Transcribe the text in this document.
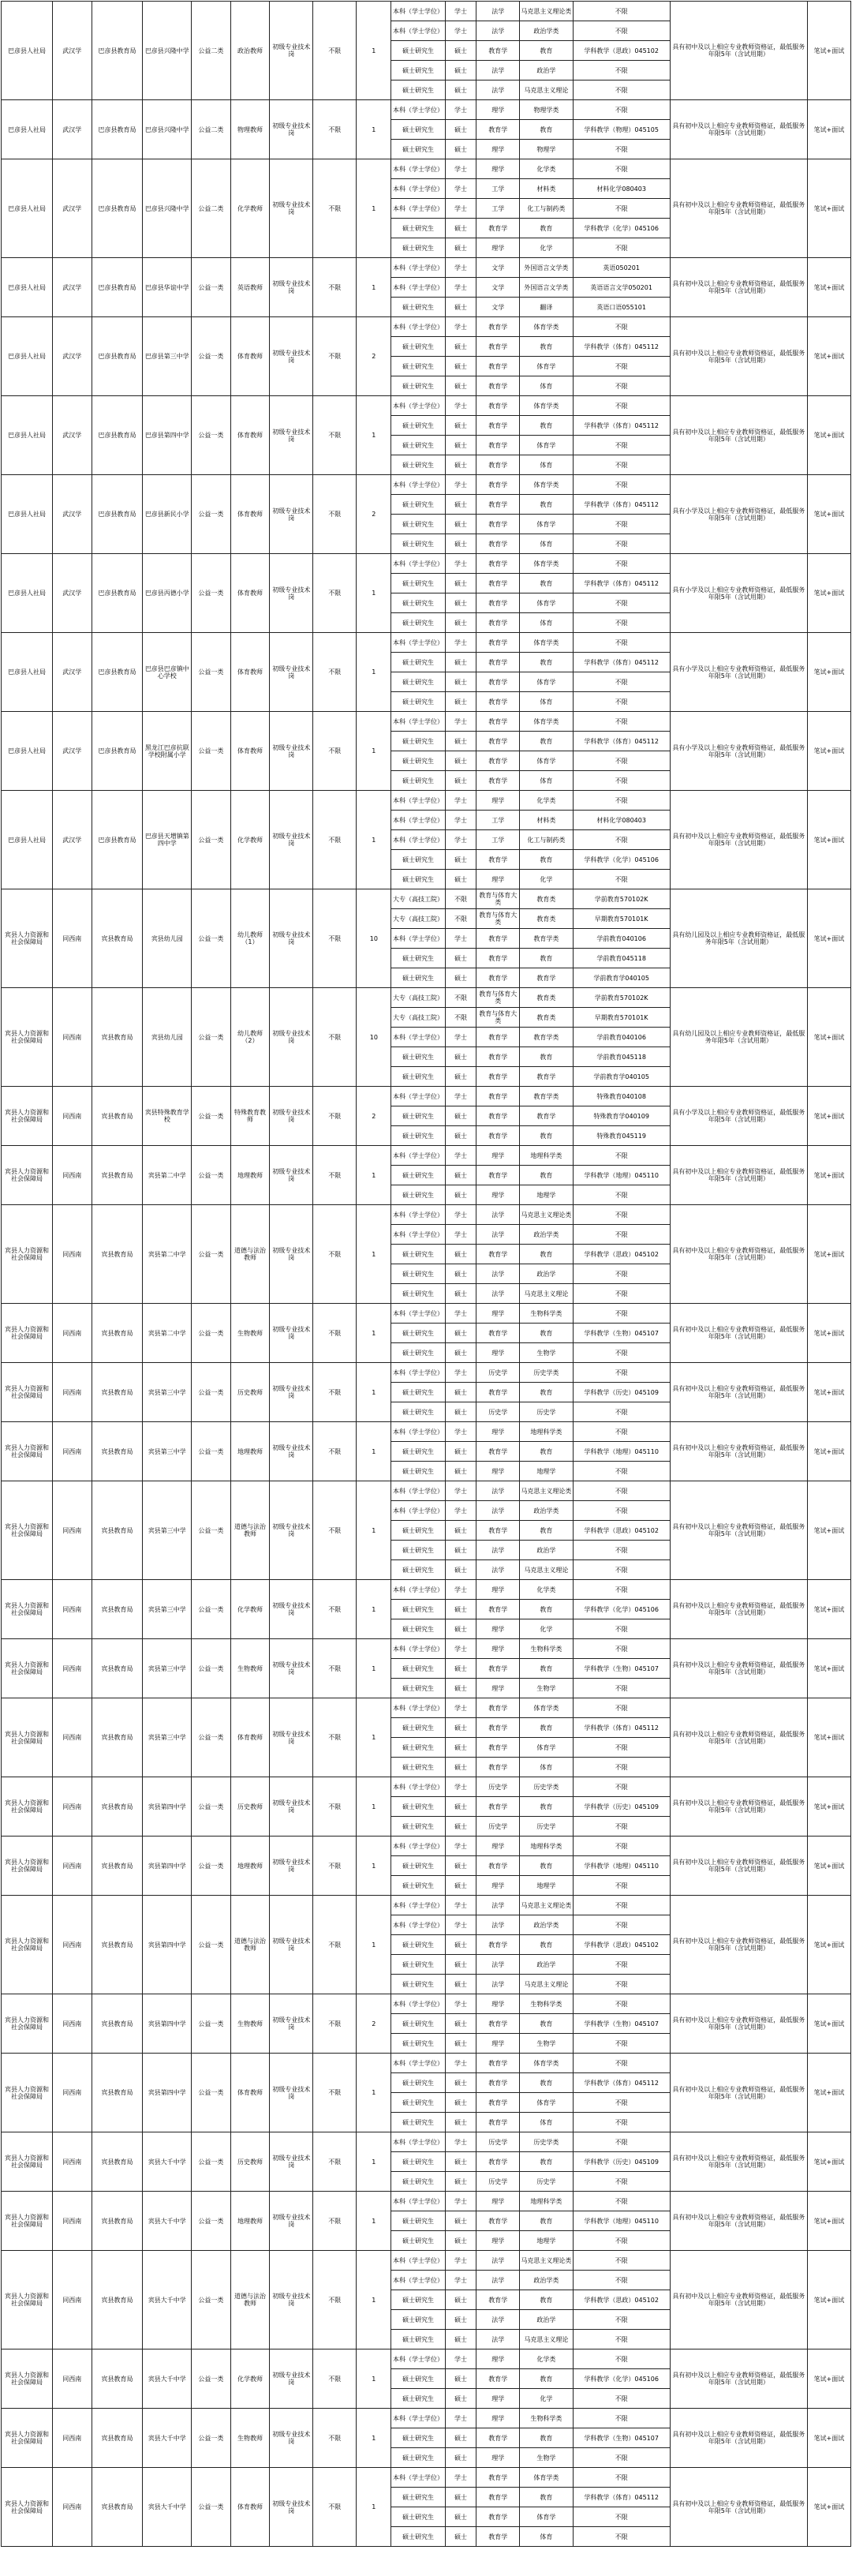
巴彦县人社局	武汉学	巴彦县教育局	巴彦县兴隆中学	公益二类	政治教师	初级专业技术岗	不限	1	本科（学士学位）	学士	法学	马克思主义理论类	不限	具有初中及以上相应专业教师资格证，最低服务年限5年（含试用期）	笔试+面试
									本科（学士学位）	学士	法学	政治学类	不限		
									硕士研究生	硕士	教育学	教育	学科教学（思政）045102		
									硕士研究生	硕士	法学	政治学	不限		
									硕士研究生	硕士	法学	马克思主义理论	不限		
巴彦县人社局	武汉学	巴彦县教育局	巴彦县兴隆中学	公益二类	物理教师	初级专业技术岗	不限	1	本科（学士学位）	学士	理学	物理学类	不限	具有初中及以上相应专业教师资格证，最低服务年限5年（含试用期）	笔试+面试
									硕士研究生	硕士	教育学	教育	学科教学（物理）045105		
									硕士研究生	硕士	理学	物理学	不限		
巴彦县人社局	武汉学	巴彦县教育局	巴彦县兴隆中学	公益二类	化学教师	初级专业技术岗	不限	1	本科（学士学位）	学士	理学	化学类	不限	具有初中及以上相应专业教师资格证，最低服务年限5年（含试用期）	笔试+面试
									本科（学士学位）	学士	工学	材料类	材料化学080403		
									本科（学士学位）	学士	工学	化工与制药类	不限		
									硕士研究生	硕士	教育学	教育	学科教学（化学）045106		
									硕士研究生	硕士	理学	化学	不限		
巴彦县人社局	武汉学	巴彦县教育局	巴彦县华谊中学	公益一类	英语教师	初级专业技术岗	不限	1	本科（学士学位）	学士	文学	外国语言文学类	英语050201	具有初中及以上相应专业教师资格证，最低服务年限5年（含试用期）	笔试+面试
									本科（学士学位）	学士	文学	外国语言文学类	英语语言文学050201		
									硕士研究生	硕士	文学	翻译	英语口语055101		
巴彦县人社局	武汉学	巴彦县教育局	巴彦县第三中学	公益一类	体育教师	初级专业技术岗	不限	2	本科（学士学位）	学士	教育学	体育学类	不限	具有初中及以上相应专业教师资格证，最低服务年限5年（含试用期）	笔试+面试
									硕士研究生	硕士	教育学	教育	学科教学（体育）045112		
									硕士研究生	硕士	教育学	体育学	不限		
									硕士研究生	硕士	教育学	体育	不限		
巴彦县人社局	武汉学	巴彦县教育局	巴彦县第四中学	公益一类	体育教师	初级专业技术岗	不限	1	本科（学士学位）	学士	教育学	体育学类	不限	具有初中及以上相应专业教师资格证，最低服务年限5年（含试用期）	笔试+面试
									硕士研究生	硕士	教育学	教育	学科教学（体育）045112		
									硕士研究生	硕士	教育学	体育学	不限		
									硕士研究生	硕士	教育学	体育	不限		
巴彦县人社局	武汉学	巴彦县教育局	巴彦县新民小学	公益一类	体育教师	初级专业技术岗	不限	2	本科（学士学位）	学士	教育学	体育学类	不限	具有小学及以上相应专业教师资格证，最低服务年限5年（含试用期）	笔试+面试
									硕士研究生	硕士	教育学	教育	学科教学（体育）045112		
									硕士研究生	硕士	教育学	体育学	不限		
									硕士研究生	硕士	教育学	体育	不限		
巴彦县人社局	武汉学	巴彦县教育局	巴彦县丙德小学	公益一类	体育教师	初级专业技术岗	不限	1	本科（学士学位）	学士	教育学	体育学类	不限	具有小学及以上相应专业教师资格证，最低服务年限5年（含试用期）	笔试+面试
									硕士研究生	硕士	教育学	教育	学科教学（体育）045112		
									硕士研究生	硕士	教育学	体育学	不限		
									硕士研究生	硕士	教育学	体育	不限		
巴彦县人社局	武汉学	巴彦县教育局	巴彦县巴彦镇中心学校	公益一类	体育教师	初级专业技术岗	不限	1	本科（学士学位）	学士	教育学	体育学类	不限	具有小学及以上相应专业教师资格证，最低服务年限5年（含试用期）	笔试+面试
									硕士研究生	硕士	教育学	教育	学科教学（体育）045112		
									硕士研究生	硕士	教育学	体育学	不限		
									硕士研究生	硕士	教育学	体育	不限		
巴彦县人社局	武汉学	巴彦县教育局	黑龙江巴彦抗联学校附属小学	公益一类	体育教师	初级专业技术岗	不限	1	本科（学士学位）	学士	教育学	体育学类	不限	具有小学及以上相应专业教师资格证，最低服务年限5年（含试用期）	笔试+面试
									硕士研究生	硕士	教育学	教育	学科教学（体育）045112		
									硕士研究生	硕士	教育学	体育学	不限		
									硕士研究生	硕士	教育学	体育	不限		
巴彦县人社局	武汉学	巴彦县教育局	巴彦县天增镇第四中学	公益一类	化学教师	初级专业技术岗	不限	1	本科（学士学位）	学士	理学	化学类	不限	具有初中及以上相应专业教师资格证，最低服务年限5年（含试用期）	笔试+面试
									本科（学士学位）	学士	工学	材料类	材料化学080403		
									本科（学士学位）	学士	工学	化工与制药类	不限		
									硕士研究生	硕士	教育学	教育	学科教学（化学）045106		
									硕士研究生	硕士	理学	化学	不限		
宾县人力资源和社会保障局	同西南	宾县教育局	宾县幼儿园	公益一类	幼儿教师（1）	初级专业技术岗	不限	10	大专（高技工院）	不限	教育与体育大类	教育类	学前教育570102K	具有幼儿园及以上相应专业教师资格证，最低服务年限5年（含试用期）	笔试+面试
									大专（高技工院）	不限	教育与体育大类	教育类	早期教育570101K		
									本科（学士学位）	学士	教育学	教育学类	学前教育040106		
									硕士研究生	硕士	教育学	教育	学前教育045118		
									硕士研究生	硕士	教育学	教育学	学前教育学040105		
宾县人力资源和社会保障局	同西南	宾县教育局	宾县幼儿园	公益一类	幼儿教师（2）	初级专业技术岗	不限	10	大专（高技工院）	不限	教育与体育大类	教育类	学前教育570102K	具有幼儿园及以上相应专业教师资格证，最低服务年限5年（含试用期）	笔试+面试
									大专（高技工院）	不限	教育与体育大类	教育类	早期教育570101K		
									本科（学士学位）	学士	教育学	教育学类	学前教育040106		
									硕士研究生	硕士	教育学	教育	学前教育045118		
									硕士研究生	硕士	教育学	教育学	学前教育学040105		
宾县人力资源和社会保障局	同西南	宾县教育局	宾县特殊教育学校	公益一类	特殊教育教师	初级专业技术岗	不限	2	本科（学士学位）	学士	教育学	教育学类	特殊教育040108	具有小学及以上相应专业教师资格证，最低服务年限5年（含试用期）	笔试+面试
									硕士研究生	硕士	教育学	教育学	特殊教育学040109		
									硕士研究生	硕士	教育学	教育	特殊教育045119		
宾县人力资源和社会保障局	同西南	宾县教育局	宾县第二中学	公益一类	地理教师	初级专业技术岗	不限	1	本科（学士学位）	学士	理学	地理科学类	不限	具有初中及以上相应专业教师资格证，最低服务年限5年（含试用期）	笔试+面试
									硕士研究生	硕士	教育学	教育	学科教学（地理）045110		
									硕士研究生	硕士	理学	地理学	不限		
宾县人力资源和社会保障局	同西南	宾县教育局	宾县第二中学	公益一类	道德与法治教师	初级专业技术岗	不限	1	本科（学士学位）	学士	法学	马克思主义理论类	不限	具有初中及以上相应专业教师资格证，最低服务年限5年（含试用期）	笔试+面试
									本科（学士学位）	学士	法学	政治学类	不限		
									硕士研究生	硕士	教育学	教育	学科教学（思政）045102		
									硕士研究生	硕士	法学	政治学	不限		
									硕士研究生	硕士	法学	马克思主义理论	不限		
宾县人力资源和社会保障局	同西南	宾县教育局	宾县第二中学	公益一类	生物教师	初级专业技术岗	不限	1	本科（学士学位）	学士	理学	生物科学类	不限	具有初中及以上相应专业教师资格证，最低服务年限5年（含试用期）	笔试+面试
									硕士研究生	硕士	教育学	教育	学科教学（生物）045107		
									硕士研究生	硕士	理学	生物学	不限		
宾县人力资源和社会保障局	同西南	宾县教育局	宾县第三中学	公益一类	历史教师	初级专业技术岗	不限	1	本科（学士学位）	学士	历史学	历史学类	不限	具有初中及以上相应专业教师资格证，最低服务年限5年（含试用期）	笔试+面试
									硕士研究生	硕士	教育学	教育	学科教学（历史）045109		
									硕士研究生	硕士	历史学	历史学	不限		
宾县人力资源和社会保障局	同西南	宾县教育局	宾县第三中学	公益一类	地理教师	初级专业技术岗	不限	1	本科（学士学位）	学士	理学	地理科学类	不限	具有初中及以上相应专业教师资格证，最低服务年限5年（含试用期）	笔试+面试
									硕士研究生	硕士	教育学	教育	学科教学（地理）045110		
									硕士研究生	硕士	理学	地理学	不限		
宾县人力资源和社会保障局	同西南	宾县教育局	宾县第三中学	公益一类	道德与法治教师	初级专业技术岗	不限	1	本科（学士学位）	学士	法学	马克思主义理论类	不限	具有初中及以上相应专业教师资格证，最低服务年限5年（含试用期）	笔试+面试
									本科（学士学位）	学士	法学	政治学类	不限		
									硕士研究生	硕士	教育学	教育	学科教学（思政）045102		
									硕士研究生	硕士	法学	政治学	不限		
									硕士研究生	硕士	法学	马克思主义理论	不限		
宾县人力资源和社会保障局	同西南	宾县教育局	宾县第三中学	公益一类	化学教师	初级专业技术岗	不限	1	本科（学士学位）	学士	理学	化学类	不限	具有初中及以上相应专业教师资格证，最低服务年限5年（含试用期）	笔试+面试
									硕士研究生	硕士	教育学	教育	学科教学（化学）045106		
									硕士研究生	硕士	理学	化学	不限		
宾县人力资源和社会保障局	同西南	宾县教育局	宾县第三中学	公益一类	生物教师	初级专业技术岗	不限	1	本科（学士学位）	学士	理学	生物科学类	不限	具有初中及以上相应专业教师资格证，最低服务年限5年（含试用期）	笔试+面试
									硕士研究生	硕士	教育学	教育	学科教学（生物）045107		
									硕士研究生	硕士	理学	生物学	不限		
宾县人力资源和社会保障局	同西南	宾县教育局	宾县第三中学	公益一类	体育教师	初级专业技术岗	不限	1	本科（学士学位）	学士	教育学	体育学类	不限	具有初中及以上相应专业教师资格证，最低服务年限5年（含试用期）	笔试+面试
									硕士研究生	硕士	教育学	教育	学科教学（体育）045112		
									硕士研究生	硕士	教育学	体育学	不限		
									硕士研究生	硕士	教育学	体育	不限		
宾县人力资源和社会保障局	同西南	宾县教育局	宾县第四中学	公益一类	历史教师	初级专业技术岗	不限	1	本科（学士学位）	学士	历史学	历史学类	不限	具有初中及以上相应专业教师资格证，最低服务年限5年（含试用期）	笔试+面试
									硕士研究生	硕士	教育学	教育	学科教学（历史）045109		
									硕士研究生	硕士	历史学	历史学	不限		
宾县人力资源和社会保障局	同西南	宾县教育局	宾县第四中学	公益一类	地理教师	初级专业技术岗	不限	1	本科（学士学位）	学士	理学	地理科学类	不限	具有初中及以上相应专业教师资格证，最低服务年限5年（含试用期）	笔试+面试
									硕士研究生	硕士	教育学	教育	学科教学（地理）045110		
									硕士研究生	硕士	理学	地理学	不限		
宾县人力资源和社会保障局	同西南	宾县教育局	宾县第四中学	公益一类	道德与法治教师	初级专业技术岗	不限	1	本科（学士学位）	学士	法学	马克思主义理论类	不限	具有初中及以上相应专业教师资格证，最低服务年限5年（含试用期）	笔试+面试
									本科（学士学位）	学士	法学	政治学类	不限		
									硕士研究生	硕士	教育学	教育	学科教学（思政）045102		
									硕士研究生	硕士	法学	政治学	不限		
									硕士研究生	硕士	法学	马克思主义理论	不限		
宾县人力资源和社会保障局	同西南	宾县教育局	宾县第四中学	公益一类	生物教师	初级专业技术岗	不限	2	本科（学士学位）	学士	理学	生物科学类	不限	具有初中及以上相应专业教师资格证，最低服务年限5年（含试用期）	笔试+面试
									硕士研究生	硕士	教育学	教育	学科教学（生物）045107		
									硕士研究生	硕士	理学	生物学	不限		
宾县人力资源和社会保障局	同西南	宾县教育局	宾县第四中学	公益一类	体育教师	初级专业技术岗	不限	1	本科（学士学位）	学士	教育学	体育学类	不限	具有初中及以上相应专业教师资格证，最低服务年限5年（含试用期）	笔试+面试
									硕士研究生	硕士	教育学	教育	学科教学（体育）045112		
									硕士研究生	硕士	教育学	体育学	不限		
									硕士研究生	硕士	教育学	体育	不限		
宾县人力资源和社会保障局	同西南	宾县教育局	宾县大千中学	公益一类	历史教师	初级专业技术岗	不限	1	本科（学士学位）	学士	历史学	历史学类	不限	具有初中及以上相应专业教师资格证，最低服务年限5年（含试用期）	笔试+面试
									硕士研究生	硕士	教育学	教育	学科教学（历史）045109		
									硕士研究生	硕士	历史学	历史学	不限		
宾县人力资源和社会保障局	同西南	宾县教育局	宾县大千中学	公益一类	地理教师	初级专业技术岗	不限	1	本科（学士学位）	学士	理学	地理科学类	不限	具有初中及以上相应专业教师资格证，最低服务年限5年（含试用期）	笔试+面试
									硕士研究生	硕士	教育学	教育	学科教学（地理）045110		
									硕士研究生	硕士	理学	地理学	不限		
宾县人力资源和社会保障局	同西南	宾县教育局	宾县大千中学	公益一类	道德与法治教师	初级专业技术岗	不限	1	本科（学士学位）	学士	法学	马克思主义理论类	不限	具有初中及以上相应专业教师资格证，最低服务年限5年（含试用期）	笔试+面试
									本科（学士学位）	学士	法学	政治学类	不限		
									硕士研究生	硕士	教育学	教育	学科教学（思政）045102		
									硕士研究生	硕士	法学	政治学	不限		
									硕士研究生	硕士	法学	马克思主义理论	不限		
宾县人力资源和社会保障局	同西南	宾县教育局	宾县大千中学	公益一类	化学教师	初级专业技术岗	不限	1	本科（学士学位）	学士	理学	化学类	不限	具有初中及以上相应专业教师资格证，最低服务年限5年（含试用期）	笔试+面试
									硕士研究生	硕士	教育学	教育	学科教学（化学）045106		
									硕士研究生	硕士	理学	化学	不限		
宾县人力资源和社会保障局	同西南	宾县教育局	宾县大千中学	公益一类	生物教师	初级专业技术岗	不限	1	本科（学士学位）	学士	理学	生物科学类	不限	具有初中及以上相应专业教师资格证，最低服务年限5年（含试用期）	笔试+面试
									硕士研究生	硕士	教育学	教育	学科教学（生物）045107		
									硕士研究生	硕士	理学	生物学	不限		
宾县人力资源和社会保障局	同西南	宾县教育局	宾县大千中学	公益一类	体育教师	初级专业技术岗	不限	1	本科（学士学位）	学士	教育学	体育学类	不限	具有初中及以上相应专业教师资格证，最低服务年限5年（含试用期）	笔试+面试
									硕士研究生	硕士	教育学	教育	学科教学（体育）045112		
									硕士研究生	硕士	教育学	体育学	不限		
									硕士研究生	硕士	教育学	体育	不限		
